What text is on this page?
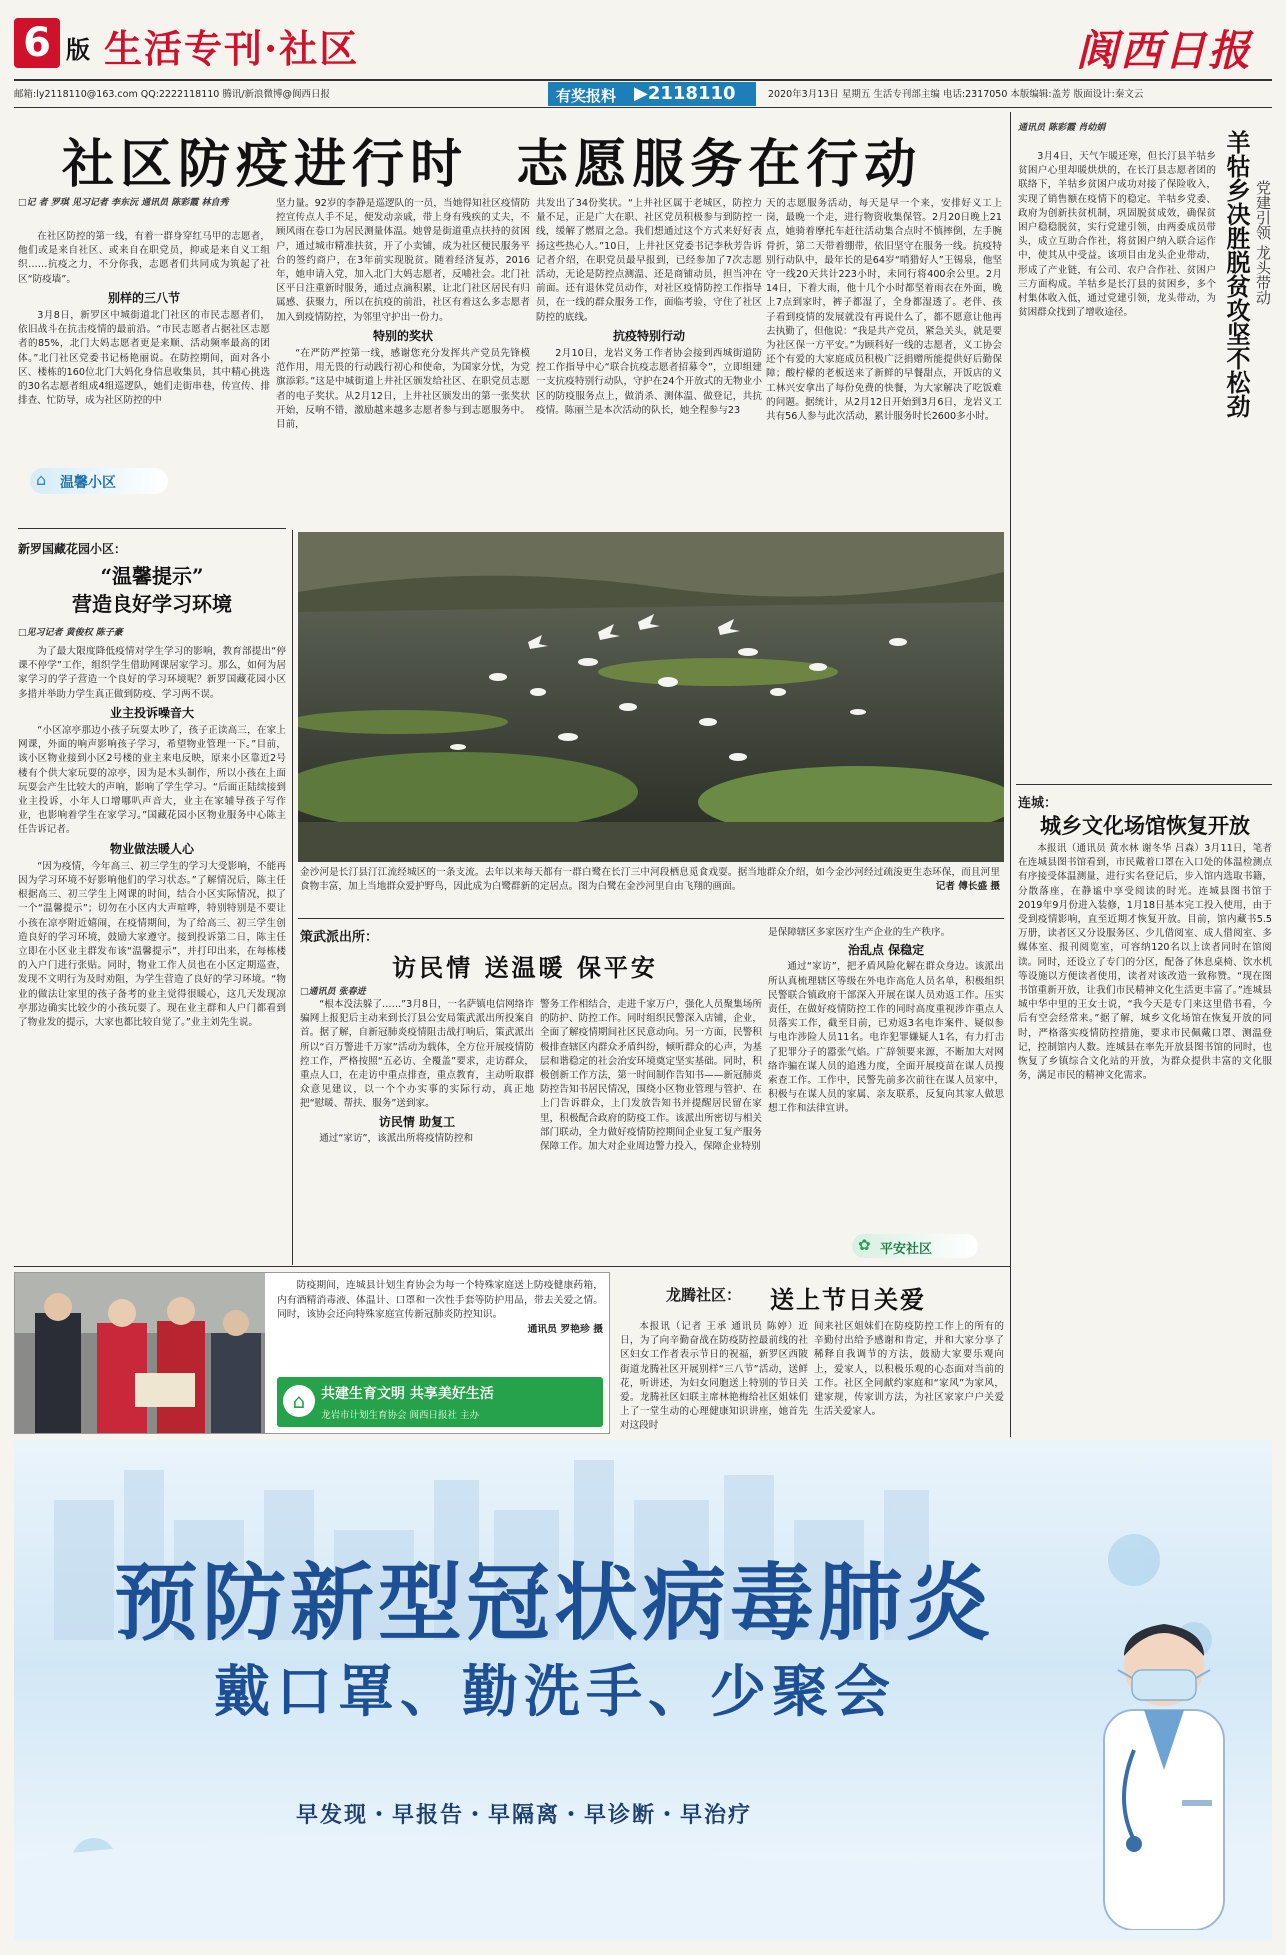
6 版 生活专刊·社区	阆西日报
邮箱:ly2118110@163.com QQ:2222118110 腾讯/新浪微博@阆西日报	有奖报料 ▶2118110	2020年3月13日 星期五 生活专刊部主编 电话:2317050 本版编辑:盖芳 版面设计:秦文云
社区防疫进行时  志愿服务在行动
□记 者 罗琪 见习记者 李东沅 通讯员 陈彩霞 林自秀

在社区防控的第一线，有着一群身穿红马甲的志愿者，他们或是来自社区、或来自在职党员，抑或是来自义工组织……抗疫之力，不分你我，志愿者们共同成为筑起了社区“防疫墙”。

别样的三八节

3月8日，新罗区中城街道北门社区的市民志愿者们，依旧战斗在抗击疫情的最前沿。“市民志愿者占据社区志愿者的85%，北门大妈志愿者更是来顺、活动频率最高的团体。”北门社区党委书记杨艳丽说。在防控期间，面对各小区、楼栋的160位北门大妈化身信息收集员，其中精心挑选的30名志愿者组成4组巡逻队，她们走街串巷，传宣传、排排查、忙防导，成为社区防控的中

坚力量。92岁的李静是巡逻队的一员，当她得知社区疫情防控宣传点人手不足，便发动亲戚，带上身有残疾的丈夫，不顾风雨在卷口为居民测量体温。她曾是街道重点扶持的贫困户，通过城市精准扶贫，开了小卖铺，成为社区便民服务平台的签约商户，在3年前实现脱贫。随着经济复苏，2016年，她申请入党，加入北门大妈志愿者，反哺社会。北门社区平日注重新时服务，通过点滴积累，让北门社区居民有归属感、获聚力，所以在抗疫的前沿，社区有着这么多志愿者加入到疫情防控，为邻里守护出一份力。

特别的奖状

“在严防严控第一线，感谢您充分发挥共产党员先锋模范作用，用无畏的行动践行初心和使命，为国家分忧，为党旗添彩。”这是中城街道上井社区颁发给社区、在职党员志愿者的电子奖状。从2月12日，上井社区颁发出的第一张奖状开始，反响不错，激励越来越多志愿者参与到志愿服务中。目前，

共发出了34份奖状。“上井社区属于老城区，防控力量不足，正是广大在职、社区党员积极参与到防控一线，缓解了燃眉之急。我们想通过这个方式来好好表扬这些热心人。”10日，上井社区党委书记李秋芳告诉记者介绍，在职党员最早报到，已经参加了7次志愿活动，无论是防控点测温、还是商铺动员，担当冲在前面。还有退休党员动作，对社区疫情防控工作指导员，在一线的群众服务工作，面临考验，守住了社区防控的底线。

抗疫特别行动

2月10日，龙岩义务工作者协会接到西城街道防控工作指导中心“联合抗疫志愿者招募令”，立即组建一支抗疫特别行动队，守护在24个开放式的无物业小区的防疫服务点上，做消杀、测体温、做登记，共抗疫情。陈丽兰是本次活动的队长，她全程参与23

天的志愿服务活动，每天是早一个来，安排好义工上岗，最晚一个走，进行物资收集保管。2月20日晚上21点，她骑着摩托车赶往活动集合点时不慎摔倒，左手腕骨折，第二天带着绷带，依旧坚守在服务一线。抗疫特别行动队中，最年长的是64岁“哨猎好人”王锡泉，他坚守一线20天共计223小时，未同行将400余公里。2月14日，下着大雨，他十几个小时都坚着雨衣在外面，晚上7点到家时，裤子都湿了，全身都湿透了。老伴、孩子看到疫情的发展就没有再说什么了，都不愿意让他再去执勤了，但他说：“我是共产党员，紧急关头，就是要为社区保一方平安。”为顾科好一线的志愿者，义工协会还个有爱的大家庭成员积极广泛捐赠所能提供好后勤保障；酸柠檬的老板送来了新鲜的早餐甜点，开饭店的义工林兴安拿出了每份免费的快餐，为大家解决了吃饭难的问题。据统计，从2月12日开始到3月6日，龙岩义工共有56人参与此次活动，累计服务时长2600多小时。

⌂ 温馨小区
新罗国藏花园小区：
“温馨提示”
营造良好学习环境
□见习记者 黄俊权 陈子豪

为了最大限度降低疫情对学生学习的影响，教育部提出“停课不停学”工作，组织学生借助网课居家学习。那么，如何为居家学习的学子营造一个良好的学习环境呢？新罗国藏花园小区多措并举助力学生真正做到防疫、学习两不误。

业主投诉噪音大

“小区凉亭那边小孩子玩耍太吵了，孩子正读高三，在家上网课，外面的响声影响孩子学习，希望物业管理一下。”目前，该小区物业接到小区2号楼的业主来电反映，原来小区靠近2号楼有个供大家玩耍的凉亭，因为是木头制作，所以小孩在上面玩耍会产生比较大的声响，影响了学生学习。“后面正陆续接到业主投诉，小年人口增哪叭声音大，业主在家辅导孩子写作业，也影响着学生在家学习。”国藏花园小区物业服务中心陈主任告诉记者。

物业做法暖人心

“因为疫情，今年高三、初三学生的学习大受影响，不能再因为学习环境不好影响他们的学习状态。”了解情况后，陈主任根据高三、初三学生上网课的时间，结合小区实际情况，拟了一个“温馨提示”；切勿在小区内大声喧哗，特别特别是不要让小孩在凉亭附近嬉闹，在疫情期间，为了给高三、初三学生创造良好的学习环境，鼓励大家遵守。接到投诉第二日，陈主任立即在小区业主群发布该“温馨提示”，并打印出来，在每栋楼的入户门进行张贴。同时，物业工作人员也在小区定期巡查，发现不文明行为及时劝阻，为学生营造了良好的学习环境。“物业的做法让家里的孩子备考的业主觉得很暖心，这几天发现凉亭那边确实比较少的小孩玩耍了。现在业主群和人户门都看到了物业发的提示，大家也都比较自觉了。”业主刘先生说。

金沙河是长汀县汀江流经城区的一条支流。去年以来每天都有一群白鹭在长汀三中河段栖息觅食戏耍。据当地群众介绍，如今金沙河经过疏浚更生态环保，而且河里食物丰富，加上当地群众爱护野鸟，因此成为白鹭群新的定居点。图为白鹭在金沙河里自由飞翔的画面。	记者 傅长盛 摄
策武派出所：
访民情 送温暖 保平安
□通讯员 张春进

“根本没法躲了……”3月8日，一名萨镇电信网络诈骗网上报犯后主动来到长汀县公安局策武派出所投案自首。据了解，自新冠肺炎疫情阻击战打响后，策武派出所以“百万警进千万家”活动为载体，全方位开展疫情防控工作，严格按照“五必访、全覆盖”要求，走访群众，重点人口，在走访中重点排查，重点教育，主动听取群众意见建议，以一个个办实事的实际行动，真正地把“慰暖、帮扶、服务”送到家。

访民情 助复工

通过“家访”，该派出所将疫情防控和

警务工作相结合，走进千家万户，强化人员聚集场所的防护、防控工作。同时组织民警深入店铺，企业，全面了解疫情期间社区民意动向。另一方面，民警积极排查辖区内群众矛盾纠纷，倾听群众的心声，为基层和谐稳定的社会治安环境奠定坚实基础。同时，积极创新工作方法，第一时间制作告知书——新冠肺炎防控告知书居民情况，围绕小区物业管理与管护、在上门告诉群众，上门发放告知书并提醒居民留在家里，积极配合政府的防疫工作。该派出所密切与相关部门联动，全力做好疫情防控期间企业复工复产服务保障工作。加大对企业周边警力投入，保障企业特别

是保障辖区多家医疗生产企业的生产秩序。

治乱点 保稳定

通过“家访”，把矛盾风险化解在群众身边。该派出所认真梳理辖区等级在外电诈高危人员名单，积极组织民警联合镇政府干部深入开展在谋人员劝返工作。压实责任，在做好疫情防控工作的同时高度重视涉诈重点人员落实工作，截至目前，已劝返3名电诈案件、疑似参与电诈涉险人员11名。电诈犯罪嫌疑人1名，有力打击了犯罪分子的嚣张气焰。广辞领要来源，不断加大对网络诈骗在谋人员的追逃力度，全面开展疫苗在谋人员搜索查工作。工作中，民警先前多次前往在谋人员家中，积极与在谋人员的家属、亲友联系，反复向其家人做思想工作和法律宣讲。

✿ 平安社区

防疫期间，连城县计划生育协会为每一个特殊家庭送上防疫健康药箱，内有酒精消毒液、体温计、口罩和一次性手套等防护用品，带去关爱之情。同时，该协会还向特殊家庭宣传新冠肺炎防控知识。

通讯员 罗艳珍 摄
⌂	共建生育文明 共享美好生活
龙岩市计划生育协会 阆西日报社 主办
龙腾社区： 送上节日关爱

本报讯（记者 王承 通讯员 陈婷）近日，为了向辛勤奋战在防疫防控最前线的社区妇女工作者表示节日的祝福，新罗区西陂街道龙腾社区开展别样“三八节”活动，送鲜花，听讲述，为妇女同胞送上特别的节日关爱。龙腾社区妇联主席林艳梅给社区姐妹们上了一堂生动的心理健康知识讲座，她首先对这段时

间来社区姐妹们在防疫防控工作上的所有的辛勤付出给予感谢和肯定，并和大家分享了稀释自我调节的方法，鼓励大家要乐观向上，爱家人，以积极乐观的心态面对当前的工作。社区全同献约家庭和“家风”为家风，建家规，传家训方法，为社区家家户户关爱生活关爱家人。

通讯员 陈彩霞 肖幼娟
羊牯乡决胜脱贫攻坚不松劲 党建引领 龙头带动

3月4日，天气乍暖还寒，但长汀县羊牯乡贫困户心里却暖烘烘的，在长汀县志愿者团的联络下，羊牯乡贫困户成功对接了保险收入，实现了销售额在疫情下的稳定。羊牯乡党委、政府为创新扶贫机制，巩固脱贫成效，确保贫困户稳稳脱贫，实行党建引领，由两委成员带头，成立互助合作社，将贫困户纳入联合运作中，使其从中受益。该项目由龙头企业带动，形成了产业链，有公司、农户合作社、贫困户三方面构成。羊牯乡是长汀县的贫困乡，多个村集体收入低，通过党建引领，龙头带动，为贫困群众找到了增收途径。

连城：
城乡文化场馆恢复开放

本报讯（通讯员 黄水林 谢冬华 吕森）3月11日，笔者在连城县图书馆看到，市民戴着口罩在入口处的体温检测点有序接受体温测量，进行实名登记后，步入馆内选取书籍，分散落座，在静谧中享受阅读的时光。连城县图书馆于2019年9月份进入装修，1月18日基本完工投入使用，由于受到疫情影响，直至近期才恢复开放。目前，馆内藏书5.5万册，读者区又分设服务区、少儿借阅室、成人借阅室、多媒体室、报刊阅览室，可容纳120名以上读者同时在馆阅读。同时，还设立了专门的分区，配备了休息桌椅、饮水机等设施以方便读者使用，读者对该改造一致称赞。“现在图书馆重新开放，让我们市民精神文化生活更丰富了。”连城县城中华中里的王女士说，“我今天是专门来这里借书看，今后有空会经常来。”据了解，城乡文化场馆在恢复开放的同时，严格落实疫情防控措施，要求市民佩戴口罩、测温登记，控制馆内人数。连城县在率先开放县图书馆的同时，也恢复了乡镇综合文化站的开放，为群众提供丰富的文化服务，满足市民的精神文化需求。

预防新型冠状病毒肺炎
戴口罩、勤洗手、少聚会
早发现・早报告・早隔离・早诊断・早治疗
